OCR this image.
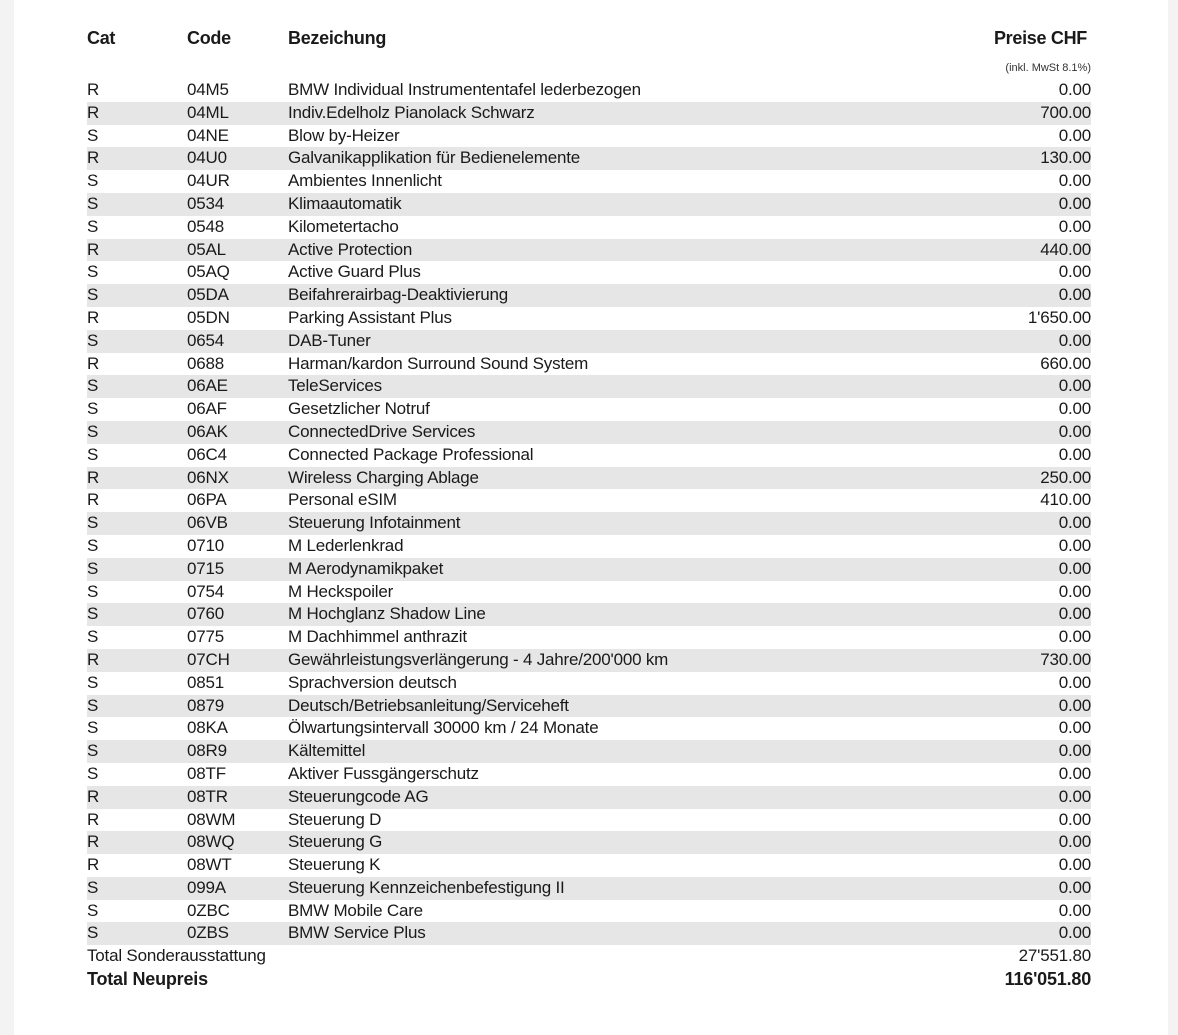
Cat	Code	Bezeichung	Preise CHF
(inkl. MwSt 8.1%)
R	04M5	BMW Individual Instrumententafel lederbezogen	0.00
R	04ML	Indiv.Edelholz Pianolack Schwarz	700.00
S	04NE	Blow by-Heizer	0.00
R	04U0	Galvanikapplikation für Bedienelemente	130.00
S	04UR	Ambientes Innenlicht	0.00
S	0534	Klimaautomatik	0.00
S	0548	Kilometertacho	0.00
R	05AL	Active Protection	440.00
S	05AQ	Active Guard Plus	0.00
S	05DA	Beifahrerairbag-Deaktivierung	0.00
R	05DN	Parking Assistant Plus	1'650.00
S	0654	DAB-Tuner	0.00
R	0688	Harman/kardon Surround Sound System	660.00
S	06AE	TeleServices	0.00
S	06AF	Gesetzlicher Notruf	0.00
S	06AK	ConnectedDrive Services	0.00
S	06C4	Connected Package Professional	0.00
R	06NX	Wireless Charging Ablage	250.00
R	06PA	Personal eSIM	410.00
S	06VB	Steuerung Infotainment	0.00
S	0710	M Lederlenkrad	0.00
S	0715	M Aerodynamikpaket	0.00
S	0754	M Heckspoiler	0.00
S	0760	M Hochglanz Shadow Line	0.00
S	0775	M Dachhimmel anthrazit	0.00
R	07CH	Gewährleistungsverlängerung - 4 Jahre/200'000 km	730.00
S	0851	Sprachversion deutsch	0.00
S	0879	Deutsch/Betriebsanleitung/Serviceheft	0.00
S	08KA	Ölwartungsintervall 30000 km / 24 Monate	0.00
S	08R9	Kältemittel	0.00
S	08TF	Aktiver Fussgängerschutz	0.00
R	08TR	Steuerungcode AG	0.00
R	08WM	Steuerung D	0.00
R	08WQ	Steuerung G	0.00
R	08WT	Steuerung K	0.00
S	099A	Steuerung Kennzeichenbefestigung II	0.00
S	0ZBC	BMW Mobile Care	0.00
S	0ZBS	BMW Service Plus	0.00
Total Sonderausstattung	27'551.80
Total Neupreis	116'051.80
